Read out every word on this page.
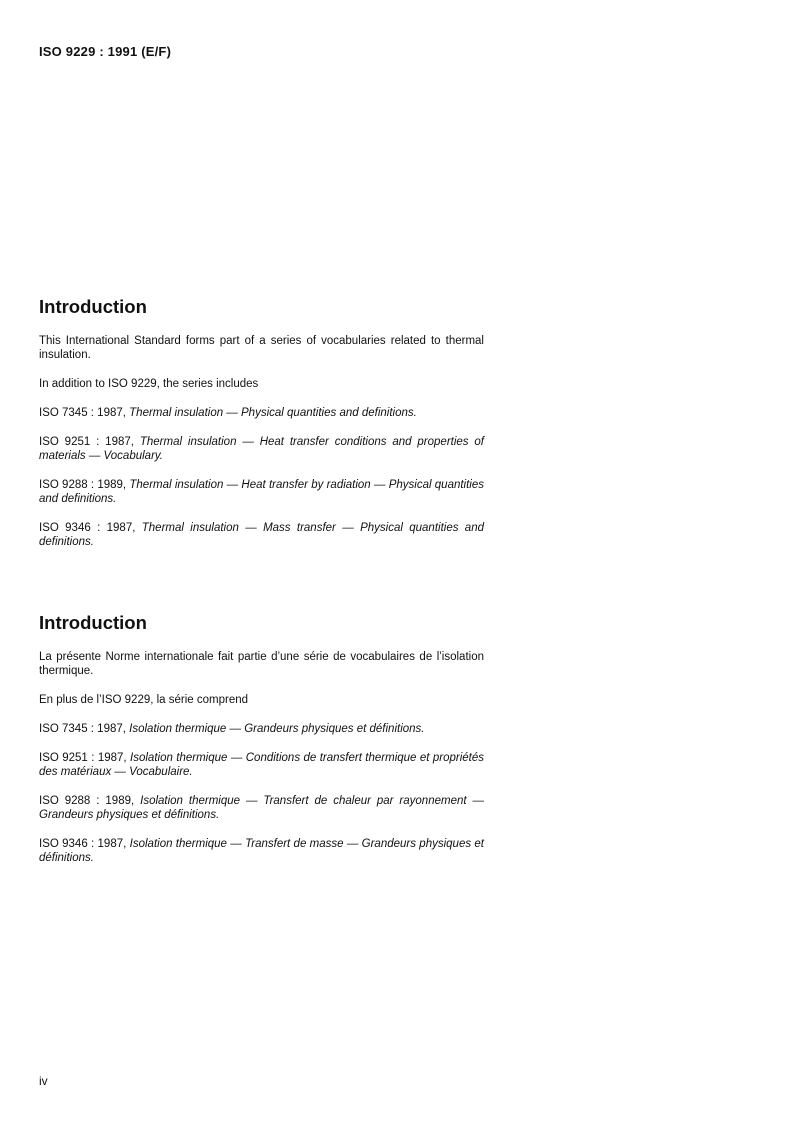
ISO 9229 : 1991 (E/F)
Introduction

This International Standard forms part of a series of vocabularies related to thermal insulation.

In addition to ISO 9229, the series includes

ISO 7345 : 1987, Thermal insulation — Physical quantities and definitions.

ISO 9251 : 1987, Thermal insulation — Heat transfer conditions and properties of materials — Vocabulary.

ISO 9288 : 1989, Thermal insulation — Heat transfer by radiation — Physical quantities and definitions.

ISO 9346 : 1987, Thermal insulation — Mass transfer — Physical quantities and definitions.

Introduction

La présente Norme internationale fait partie d’une série de vocabulaires de l’isolation thermique.

En plus de l’ISO 9229, la série comprend

ISO 7345 : 1987, Isolation thermique — Grandeurs physiques et définitions.

ISO 9251 : 1987, Isolation thermique — Conditions de transfert thermique et propriétés des matériaux — Vocabulaire.

ISO 9288 : 1989, Isolation thermique — Transfert de chaleur par rayonnement — Grandeurs physiques et définitions.

ISO 9346 : 1987, Isolation thermique — Transfert de masse — Grandeurs physiques et définitions.

iv
